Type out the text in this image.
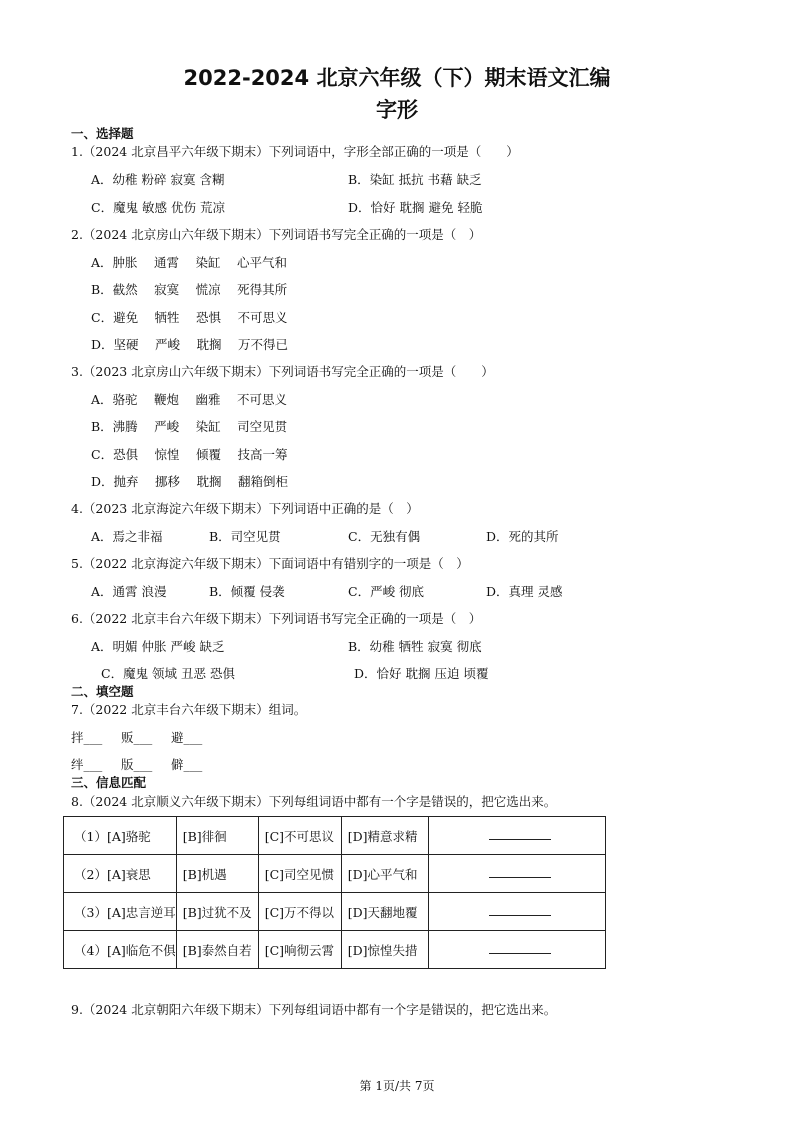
2022-2024 北京六年级（下）期末语文汇编
字形
一、选择题
1.（2024 北京昌平六年级下期末）下列词语中，字形全部正确的一项是（　　）
A．幼稚 粉碎 寂寞 含糊	B．染缸 抵抗 书藉 缺乏
C．魔鬼 敏感 优伤 荒凉	D．恰好 耽搁 避免 轻脆
2.（2024 北京房山六年级下期末）下列词语书写完全正确的一项是（　）
A．肿胀　 通霄　 染缸　 心平气和
B．截然　 寂寞　 慌凉　 死得其所
C．避免　 牺牲　 恐惧　 不可思义
D．坚硬　 严峻　 耽搁　 万不得已
3.（2023 北京房山六年级下期末）下列词语书写完全正确的一项是（　　）
A．骆驼　 鞭炮　 幽雅　 不可思义
B．沸腾　 严峻　 染缸　 司空见贯
C．恐俱　 惊惶　 倾覆　 技高一筹
D．抛弃　 挪移　 耽搁　 翻箱倒柜
4.（2023 北京海淀六年级下期末）下列词语中正确的是（　）
A．焉之非福	B．司空见贯	C．无独有偶	D．死的其所
5.（2022 北京海淀六年级下期末）下面词语中有错别字的一项是（　）
A．通霄 浪漫	B．倾覆 侵袭	C．严峻 彻底	D．真理 灵感
6.（2022 北京丰台六年级下期末）下列词语书写完全正确的一项是（　）
A．明媚 仲胀 严峻 缺乏	B．幼稚 牺牲 寂寞 彻底
C．魔鬼 领域 丑恶 恐俱	D．恰好 耽搁 压迫 顷覆
二、填空题
7.（2022 北京丰台六年级下期末）组词。
拌___ 贩___ 避___
绊___ 版___ 僻___
三、信息匹配
8.（2024 北京顺义六年级下期末）下列每组词语中都有一个字是错误的，把它选出来。
（1）[A]骆驼	[B]徘徊	[C]不可思议	[D]精意求精	
（2）[A]衰思	[B]机遇	[C]司空见惯	[D]心平气和	
（3）[A]忠言逆耳	[B]过犹不及	[C]万不得以	[D]天翻地覆	
（4）[A]临危不俱	[B]泰然自若	[C]响彻云霄	[D]惊惶失措	
9.（2024 北京朝阳六年级下期末）下列每组词语中都有一个字是错误的，把它选出来。
第 1页/共 7页
